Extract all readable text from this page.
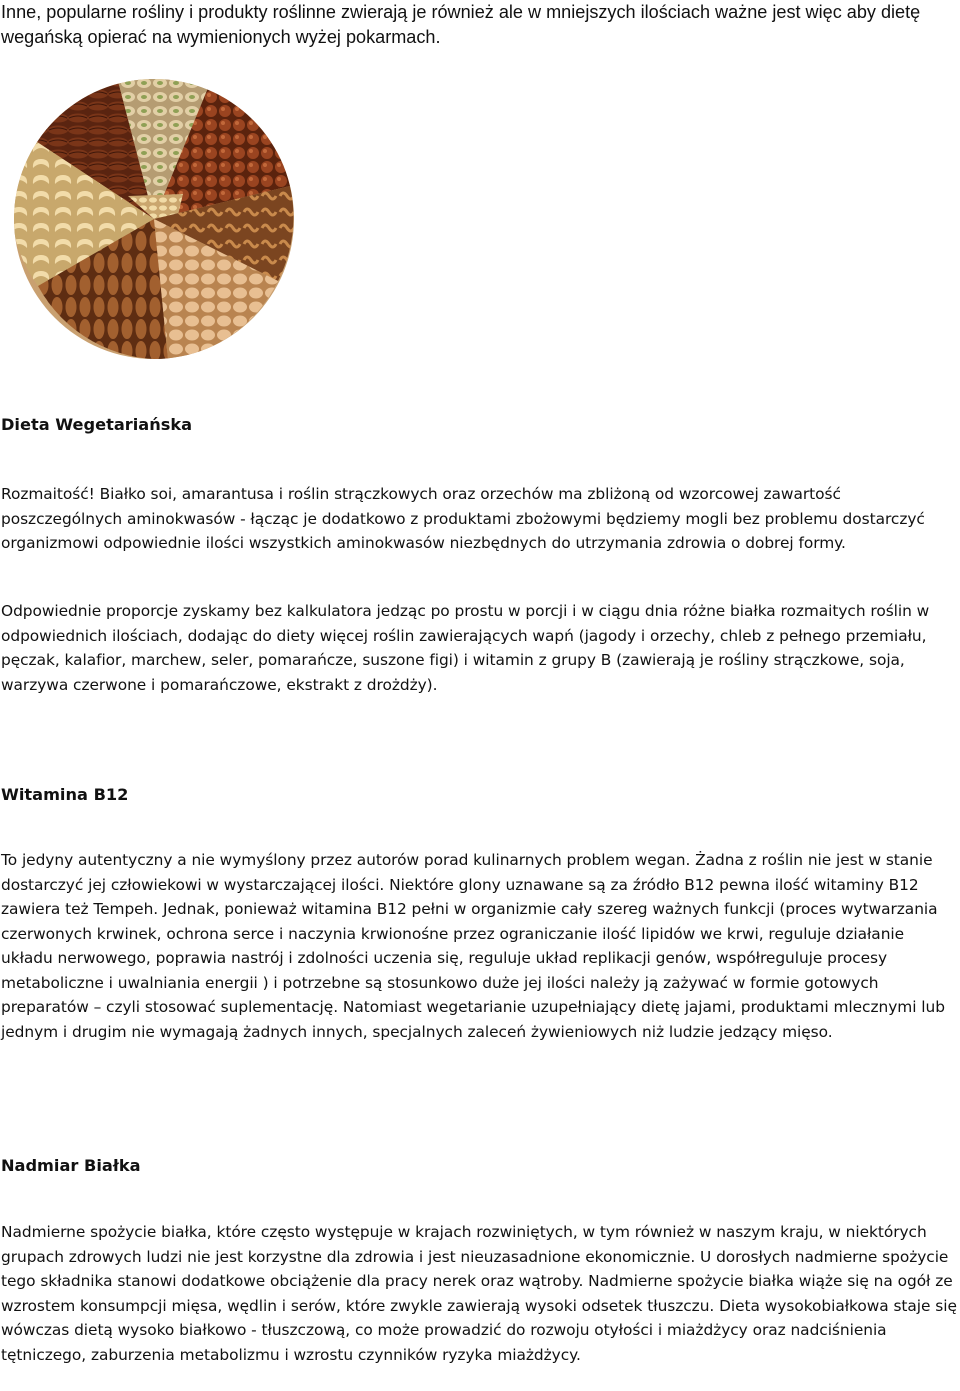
Inne, popularne rośliny i produkty roślinne zwierają je również ale w mniejszych ilościach ważne jest więc aby dietę wegańską opierać na wymienionych wyżej pokarmach.

Dieta Wegetariańska

Rozmaitość! Białko soi, amarantusa i roślin strączkowych oraz orzechów ma zbliżoną od wzorcowej zawartość poszczególnych aminokwasów - łącząc je dodatkowo z produktami zbożowymi będziemy mogli bez problemu dostarczyć organizmowi odpowiednie ilości wszystkich aminokwasów niezbędnych do utrzymania zdrowia o dobrej formy.

Odpowiednie proporcje zyskamy bez kalkulatora jedząc po prostu w porcji i w ciągu dnia różne białka rozmaitych roślin w odpowiednich ilościach, dodając do diety więcej roślin zawierających wapń (jagody i orzechy, chleb z pełnego przemiału, pęczak, kalafior, marchew, seler, pomarańcze, suszone figi) i witamin z grupy B (zawierają je rośliny strączkowe, soja, warzywa czerwone i pomarańczowe, ekstrakt z drożdży).

Witamina B12

To jedyny autentyczny a nie wymyślony przez autorów porad kulinarnych problem wegan. Żadna z roślin nie jest w stanie dostarczyć jej człowiekowi w wystarczającej ilości. Niektóre glony uznawane są za źródło B12 pewna ilość witaminy B12 zawiera też Tempeh. Jednak, ponieważ witamina B12 pełni w organizmie cały szereg ważnych funkcji (proces wytwarzania czerwonych krwinek, ochrona serce i naczynia krwionośne przez ograniczanie ilość lipidów we krwi, reguluje działanie układu nerwowego, poprawia nastrój i zdolności uczenia się, reguluje układ replikacji genów, współreguluje procesy metaboliczne i uwalniania energii ) i potrzebne są stosunkowo duże jej ilości należy ją zażywać w formie gotowych preparatów – czyli stosować suplementację. Natomiast wegetarianie uzupełniający dietę jajami, produktami mlecznymi lub jednym i drugim nie wymagają żadnych innych, specjalnych zaleceń żywieniowych niż ludzie jedzący mięso.

Nadmiar Białka

Nadmierne spożycie białka, które często występuje w krajach rozwiniętych, w tym również w naszym kraju, w niektórych grupach zdrowych ludzi nie jest korzystne dla zdrowia i jest nieuzasadnione ekonomicznie. U dorosłych nadmierne spożycie tego składnika stanowi dodatkowe obciążenie dla pracy nerek oraz wątroby. Nadmierne spożycie białka wiąże się na ogół ze wzrostem konsumpcji mięsa, wędlin i serów, które zwykle zawierają wysoki odsetek tłuszczu. Dieta wysokobiałkowa staje się wówczas dietą wysoko białkowo - tłuszczową, co może prowadzić do rozwoju otyłości i miażdżycy oraz nadciśnienia tętniczego, zaburzenia metabolizmu i wzrostu czynników ryzyka miażdżycy.
